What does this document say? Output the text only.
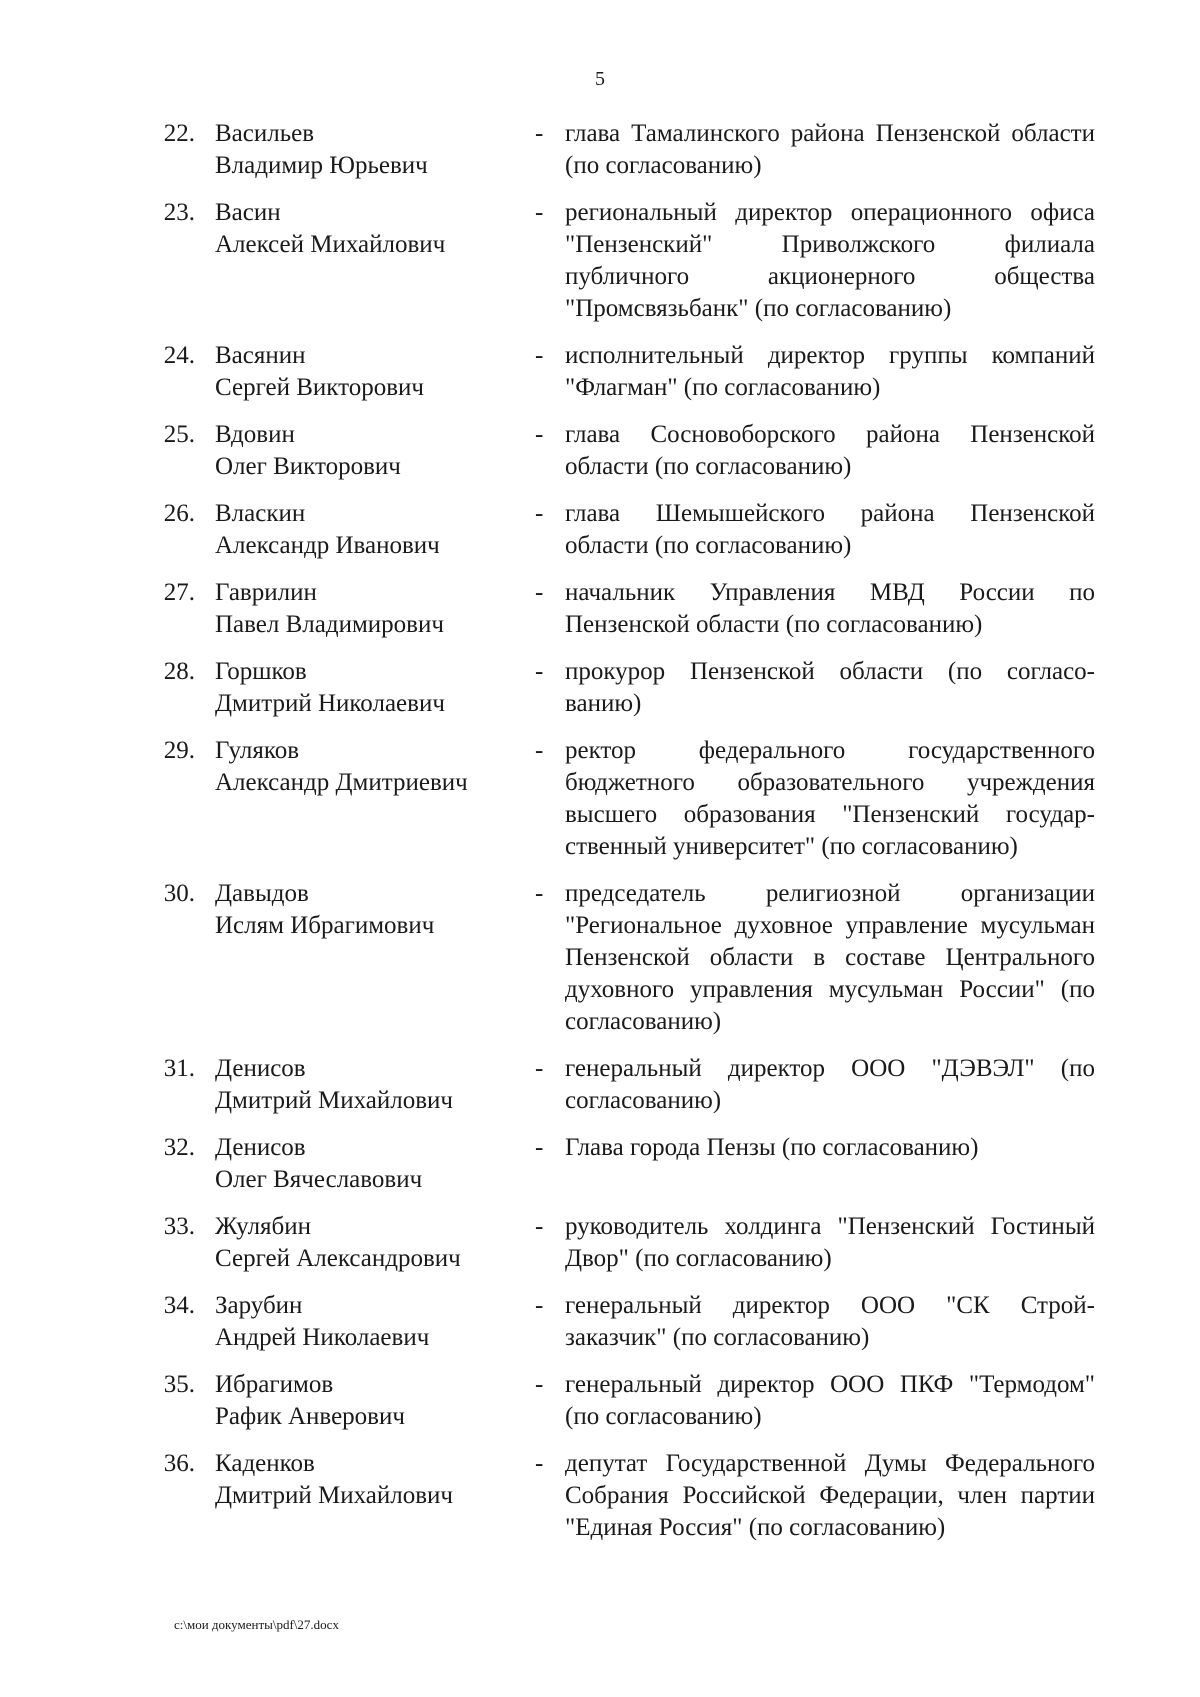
5
22. Васильев
Владимир Юрьевич
- глава Тамалинского района Пензенской области (по согласованию)
23. Васин
Алексей Михайлович
- региональный директор операционного офиса "Пензенский" Приволжского филиала публичного акционерного общества "Промсвязьбанк" (по согласованию)
24. Васянин
Сергей Викторович
- исполнительный директор группы компаний "Флагман" (по согласованию)
25. Вдовин
Олег Викторович
- глава Сосновоборского района Пензенской области (по согласованию)
26. Власкин
Александр Иванович
- глава Шемышейского района Пензенской области (по согласованию)
27. Гаврилин
Павел Владимирович
- начальник Управления МВД России по Пензенской области (по согласованию)
28. Горшков
Дмитрий Николаевич
- прокурор Пензенской области (по согласо-ванию)
29. Гуляков
Александр Дмитриевич
- ректор федерального государственного бюджетного образовательного учреждения высшего образования "Пензенский государ-ственный университет" (по согласованию)
30. Давыдов
Ислям Ибрагимович
- председатель религиозной организации "Региональное духовное управление мусульман Пензенской области в составе Центрального духовного управления мусульман России" (по согласованию)
31. Денисов
Дмитрий Михайлович
- генеральный директор ООО "ДЭВЭЛ" (по согласованию)
32. Денисов
Олег Вячеславович
- Глава города Пензы (по согласованию)
33. Жулябин
Сергей Александрович
- руководитель холдинга "Пензенский Гостиный Двор" (по согласованию)
34. Зарубин
Андрей Николаевич
- генеральный директор ООО "СК Строй-заказчик" (по согласованию)
35. Ибрагимов
Рафик Анверович
- генеральный директор ООО ПКФ "Термодом" (по согласованию)
36. Каденков
Дмитрий Михайлович
- депутат Государственной Думы Федерального Собрания Российской Федерации, член партии "Единая Россия" (по согласованию)
c:\мои документы\pdf\27.docx
